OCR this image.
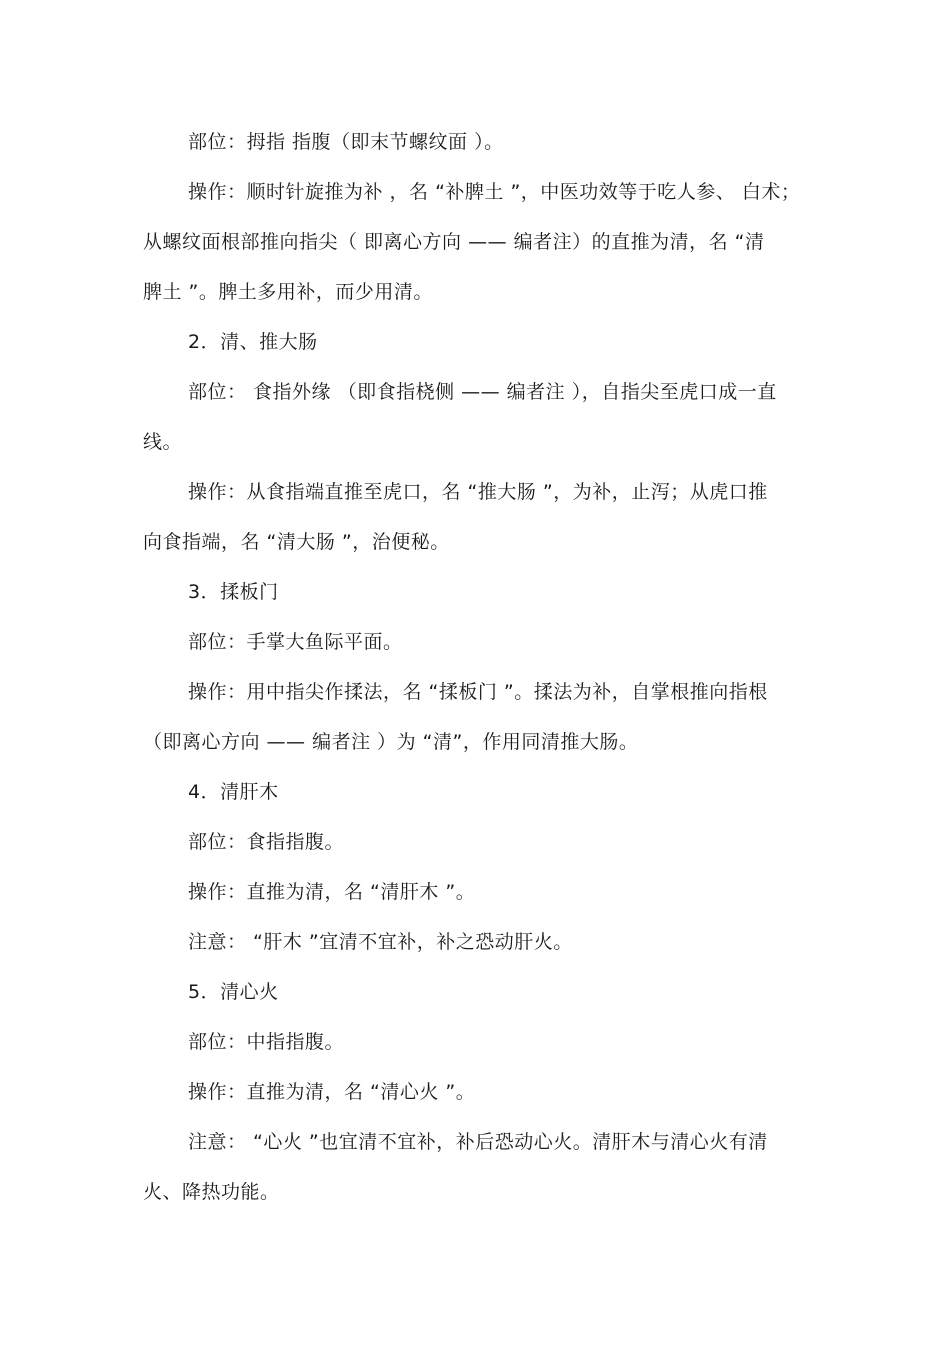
部位：拇指 指腹（即末节螺纹面 ）。
操作：顺时针旋推为补 ，名 “补脾土 ”，中医功效等于吃人参、 白术；
从螺纹面根部推向指尖（ 即离心方向 —— 编者注）的直推为清，名 “清
脾土 ”。脾土多用补，而少用清。
2．清、推大肠
部位： 食指外缘 （即食指桡侧 —— 编者注 ），自指尖至虎口成一直
线。
操作：从食指端直推至虎口，名 “推大肠 ”，为补，止泻；从虎口推
向食指端，名 “清大肠 ”，治便秘。
3．揉板门
部位：手掌大鱼际平面。
操作：用中指尖作揉法，名 “揉板门 ”。揉法为补，自掌根推向指根
（即离心方向 —— 编者注 ）为 “清”，作用同清推大肠。
4．清肝木
部位：食指指腹。
操作：直推为清，名 “清肝木 ”。
注意： “肝木 ”宜清不宜补，补之恐动肝火。
5．清心火
部位：中指指腹。
操作：直推为清，名 “清心火 ”。
注意： “心火 ”也宜清不宜补，补后恐动心火。清肝木与清心火有清
火、降热功能。
